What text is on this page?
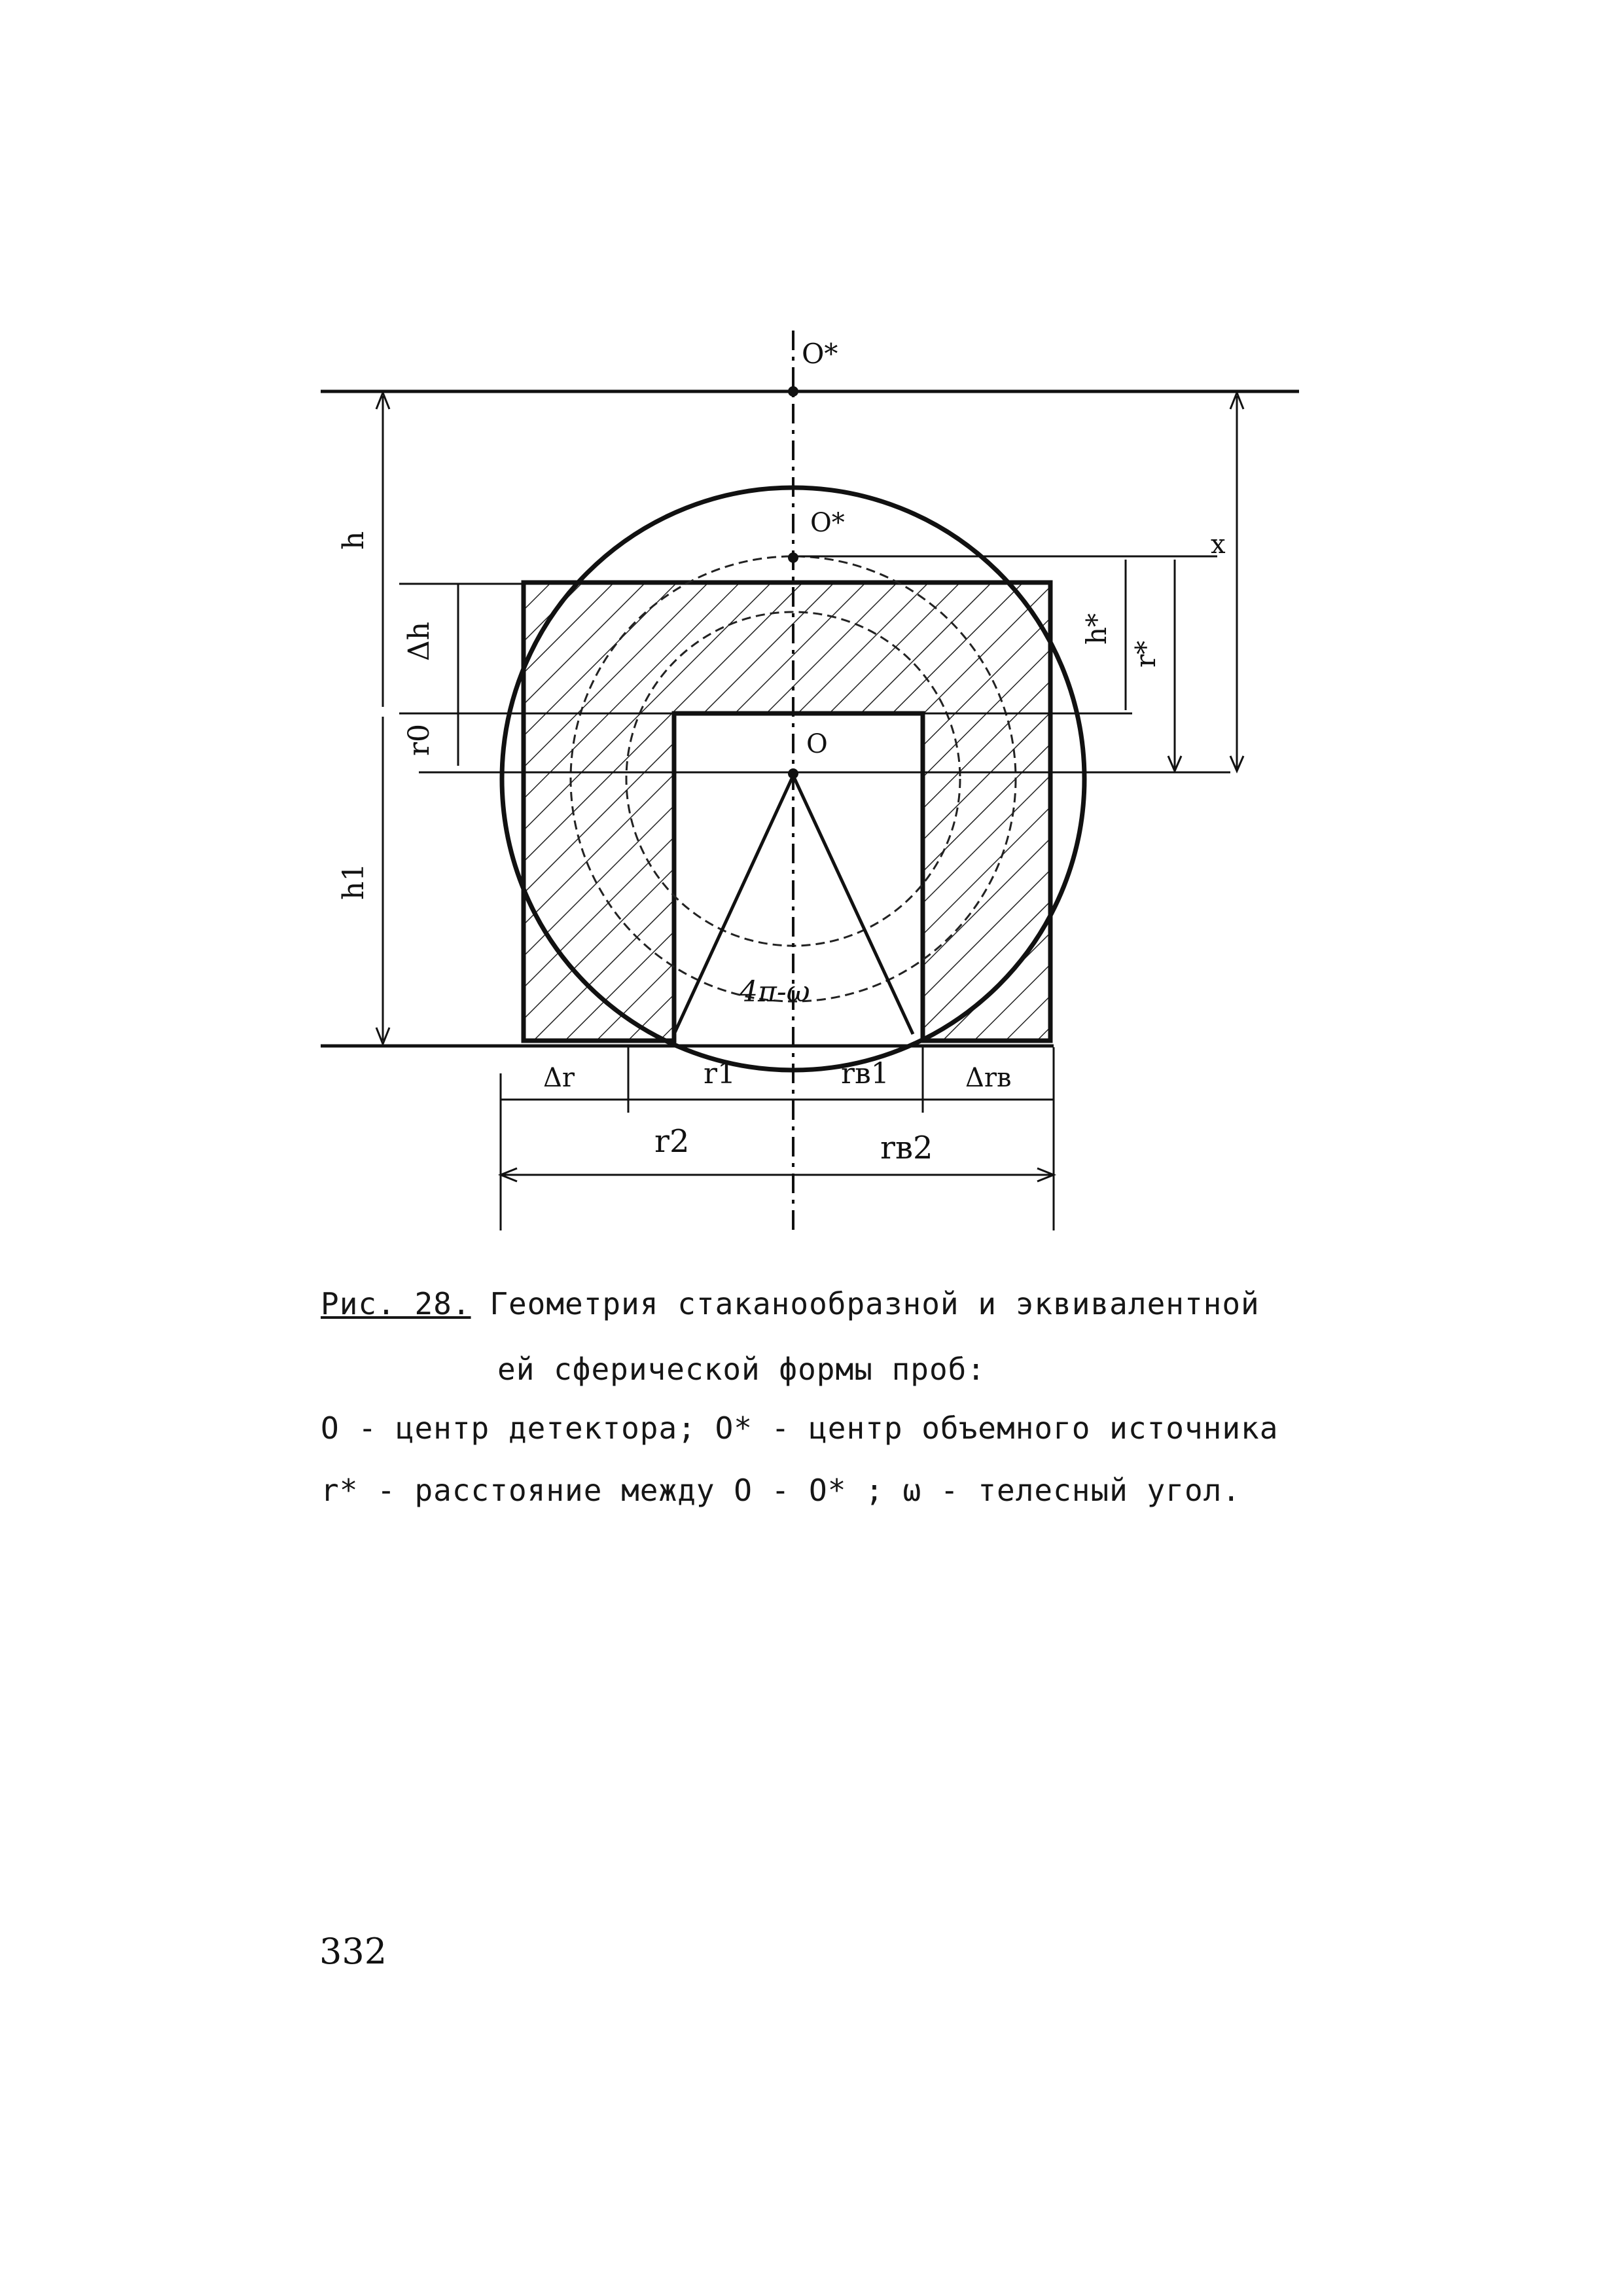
O*
O*
O
h
Δh
r0
h1
h*
r*
x
Δr	r1	rв1	Δrв
r2	rв2
4π-ω
Рис. 28. Геометрия стаканообразной и эквивалентной
ей сферической формы проб:
O - центр детектора; O* - центр объемного источника
r* - расстояние между O - O* ; ω - телесный угол.
332
